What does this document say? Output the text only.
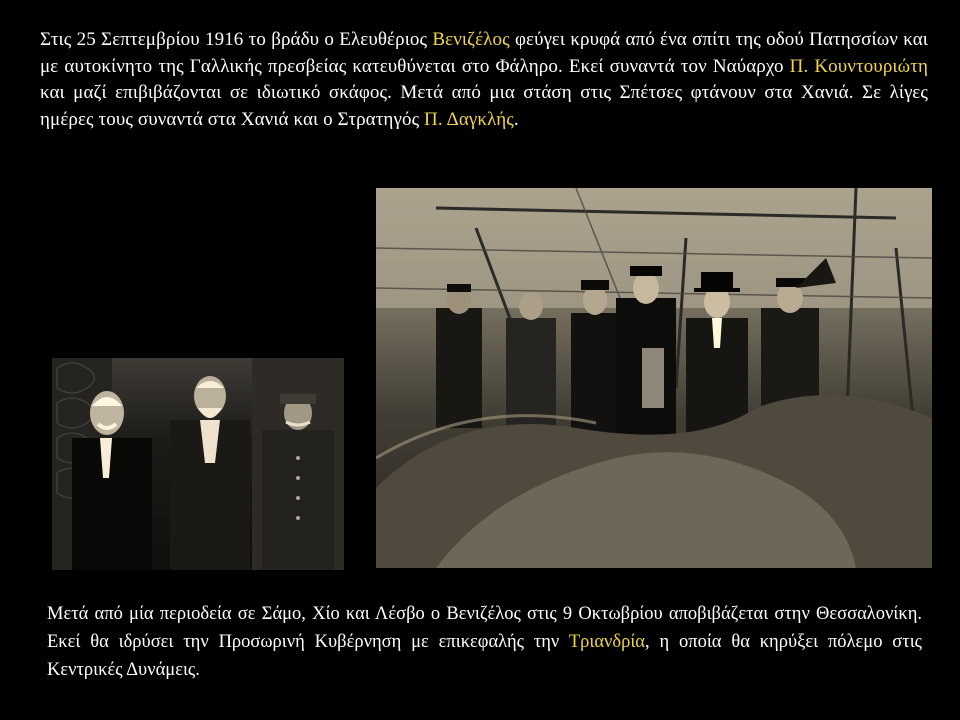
Στις 25 Σεπτεμβρίου 1916 το βράδυ ο Ελευθέριος Βενιζέλος φεύγει κρυφά από ένα σπίτι της οδού Πατησσίων και με αυτοκίνητο της Γαλλικής πρεσβείας κατευθύνεται στο Φάληρο. Εκεί συναντά τον Ναύαρχο Π. Κουντουριώτη και μαζί επιβιβάζονται σε ιδιωτικό σκάφος. Μετά από μια στάση στις Σπέτσες φτάνουν στα Χανιά. Σε λίγες ημέρες τους συναντά στα Χανιά και ο Στρατηγός Π. Δαγκλής.

Μετά από μία περιοδεία σε Σάμο, Χίο και Λέσβο ο Βενιζέλος στις 9 Οκτωβρίου αποβιβάζεται στην Θεσσαλονίκη. Εκεί θα ιδρύσει την Προσωρινή Κυβέρνηση με επικεφαλής την Τριανδρία, η οποία θα κηρύξει πόλεμο στις Κεντρικές Δυνάμεις.
